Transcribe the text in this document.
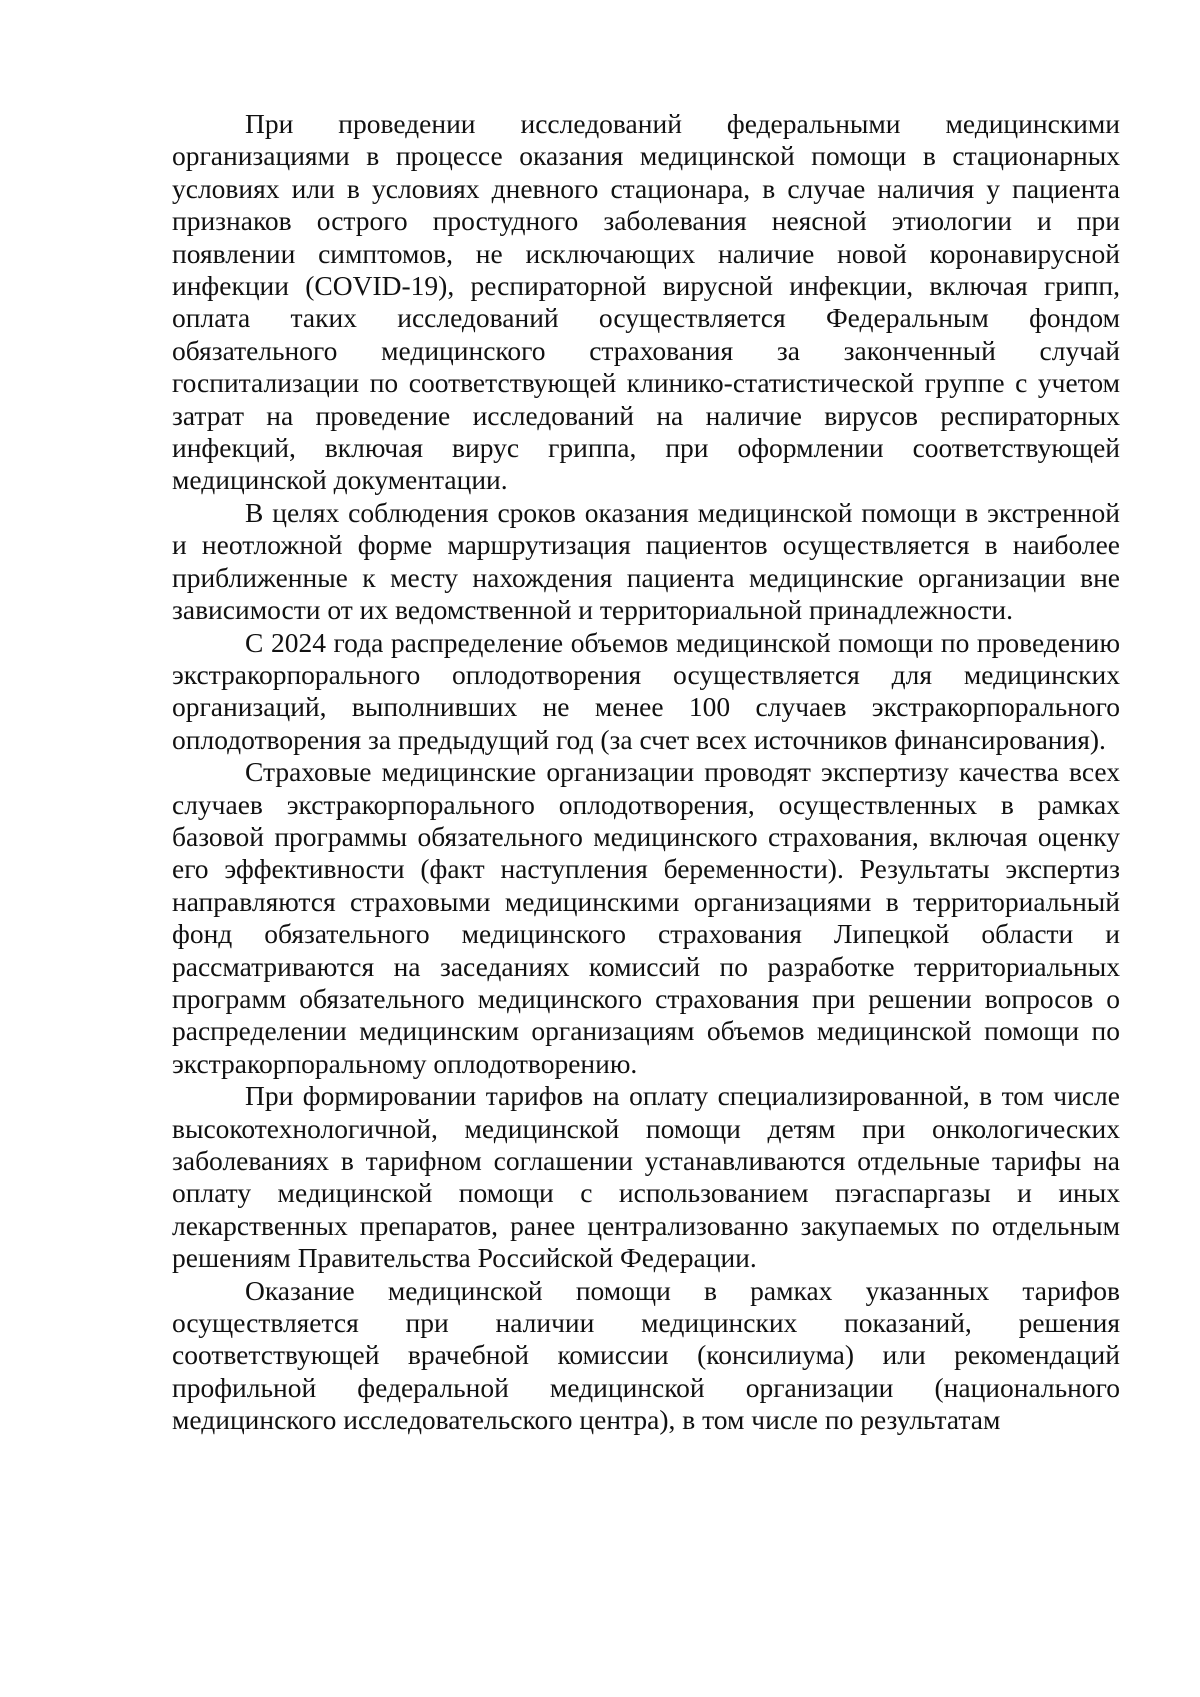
При проведении исследований федеральными медицинскими организациями в процессе оказания медицинской помощи в стационарных условиях или в условиях дневного стационара, в случае наличия у пациента признаков острого простудного заболевания неясной этиологии и при появлении симптомов, не исключающих наличие новой коронавирусной инфекции (COVID-19), респираторной вирусной инфекции, включая грипп, оплата таких исследований осуществляется Федеральным фондом обязательного медицинского страхования за законченный случай госпитализации по соответствующей клинико-статистической группе с учетом затрат на проведение исследований на наличие вирусов респираторных инфекций, включая вирус гриппа, при оформлении соответствующей медицинской документации.

В целях соблюдения сроков оказания медицинской помощи в экстренной и неотложной форме маршрутизация пациентов осуществляется в наиболее приближенные к месту нахождения пациента медицинские организации вне зависимости от их ведомственной и территориальной принадлежности.

С 2024 года распределение объемов медицинской помощи по проведению экстракорпорального оплодотворения осуществляется для медицинских организаций, выполнивших не менее 100 случаев экстракорпорального оплодотворения за предыдущий год (за счет всех источников финансирования).

Страховые медицинские организации проводят экспертизу качества всех случаев экстракорпорального оплодотворения, осуществленных в рамках базовой программы обязательного медицинского страхования, включая оценку его эффективности (факт наступления беременности). Результаты экспертиз направляются страховыми медицинскими организациями в территориальный фонд обязательного медицинского страхования Липецкой области и рассматриваются на заседаниях комиссий по разработке территориальных программ обязательного медицинского страхования при решении вопросов о распределении медицинским организациям объемов медицинской помощи по экстракорпоральному оплодотворению.

При формировании тарифов на оплату специализированной, в том числе высокотехнологичной, медицинской помощи детям при онкологических заболеваниях в тарифном соглашении устанавливаются отдельные тарифы на оплату медицинской помощи с использованием пэгаспаргазы и иных лекарственных препаратов, ранее централизованно закупаемых по отдельным решениям Правительства Российской Федерации.

Оказание медицинской помощи в рамках указанных тарифов осуществляется при наличии медицинских показаний, решения соответствующей врачебной комиссии (консилиума) или рекомендаций профильной федеральной медицинской организации (национального медицинского исследовательского центра), в том числе по результатам
